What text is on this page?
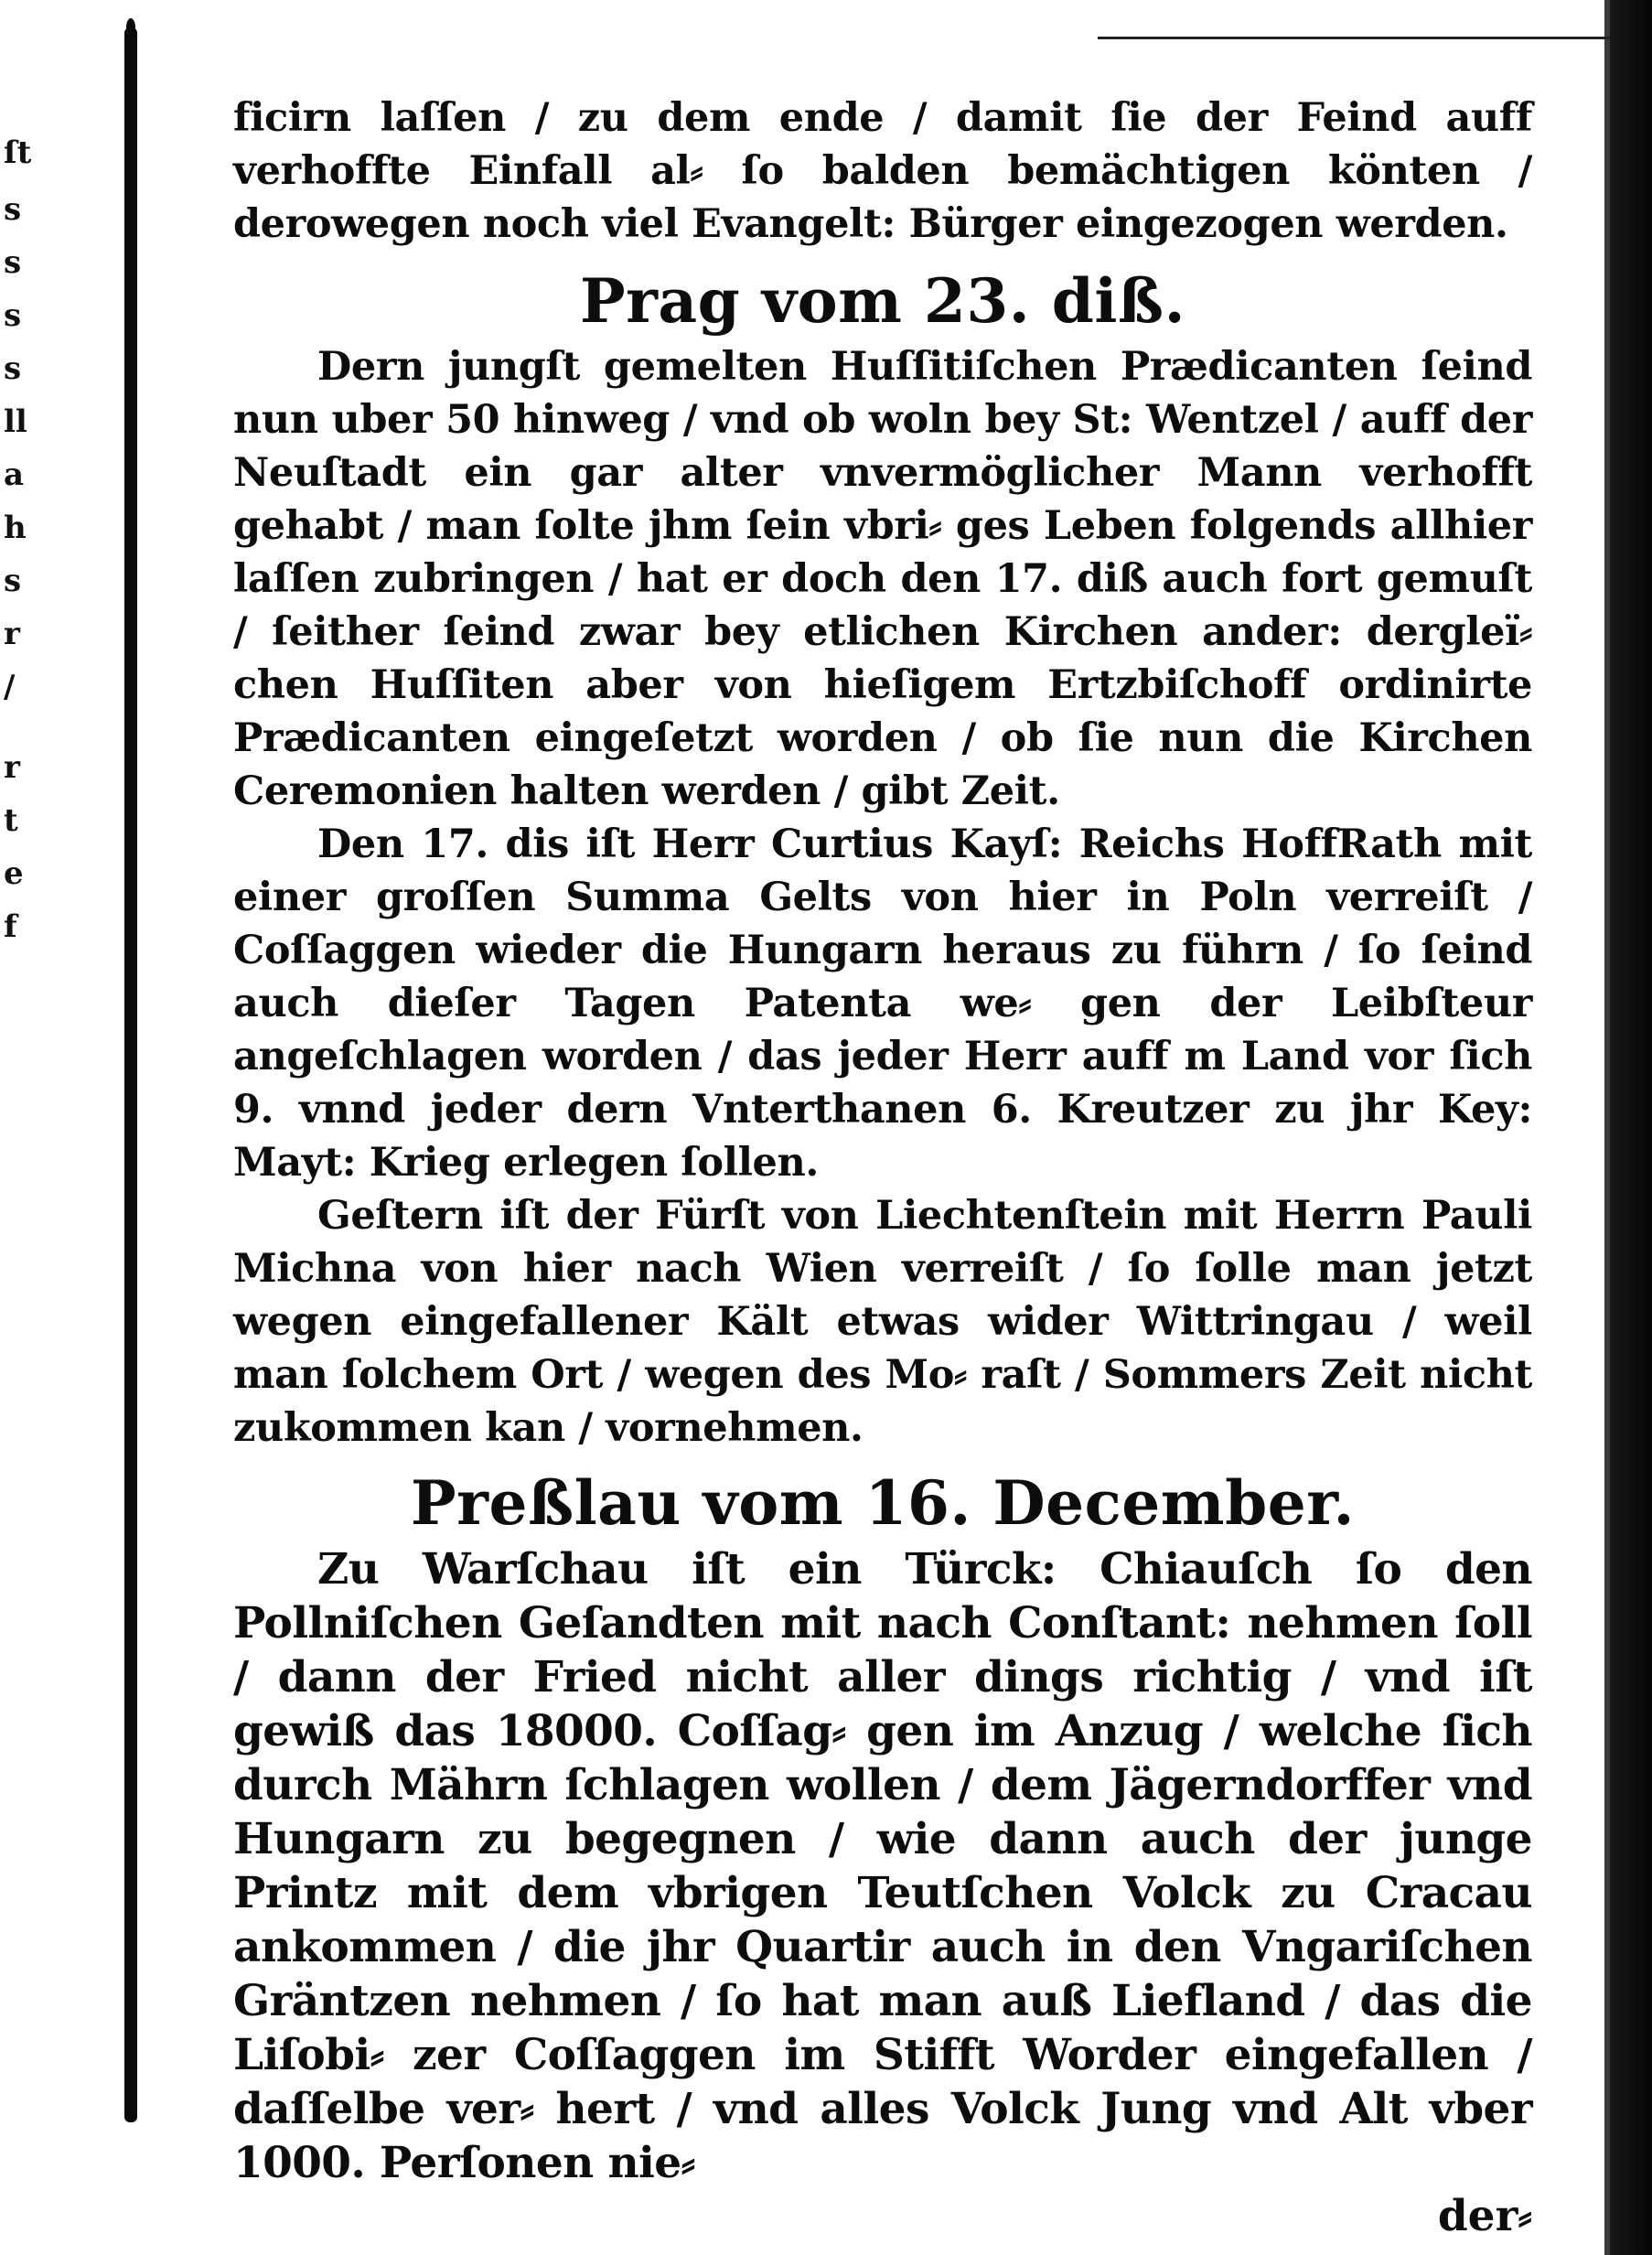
ſt
s
s
s
s
ll
a
h
s
r
/
r
t
e
f

ficirn laſſen / zu dem ende / damit ſie der Feind auff verhoffte Einfall al⸗ ſo balden bemächtigen könten / derowegen noch viel Evangelt: Bürger eingezogen werden.

Prag vom 23. diß.

Dern jungſt gemelten Huſſitiſchen Prædicanten ſeind nun uber 50 hinweg / vnd ob woln bey St: Wentzel / auff der Neuſtadt ein gar alter vnvermöglicher Mann verhofft gehabt / man ſolte jhm ſein vbri⸗ ges Leben folgends allhier laſſen zubringen / hat er doch den 17. diß auch fort gemuſt / ſeither ſeind zwar bey etlichen Kirchen ander: dergleï⸗ chen Huſſiten aber von hieſigem Ertzbiſchoff ordinirte Prædicanten eingeſetzt worden / ob ſie nun die Kirchen Ceremonien halten werden / gibt Zeit.

Den 17. dis iſt Herr Curtius Kayſ: Reichs HoffRath mit einer groſſen Summa Gelts von hier in Poln verreiſt / Coſſaggen wieder die Hungarn heraus zu führn / ſo ſeind auch dieſer Tagen Patenta we⸗ gen der Leibſteur angeſchlagen worden / das jeder Herr auff m Land vor ſich 9. vnnd jeder dern Vnterthanen 6. Kreutzer zu jhr Key: Mayt: Krieg erlegen ſollen.

Geſtern iſt der Fürſt von Liechtenſtein mit Herrn Pauli Michna von hier nach Wien verreiſt / ſo ſolle man jetzt wegen eingefallener Kält etwas wider Wittringau / weil man ſolchem Ort / wegen des Mo⸗ raſt / Sommers Zeit nicht zukommen kan / vornehmen.

Preßlau vom 16. December.

Zu Warſchau iſt ein Türck: Chiauſch ſo den Pollniſchen Geſandten mit nach Conſtant: nehmen ſoll / dann der Fried nicht aller dings richtig / vnd iſt gewiß das 18000. Coſſag⸗ gen im Anzug / welche ſich durch Mährn ſchlagen wollen / dem Jägerndorffer vnd Hungarn zu begegnen / wie dann auch der junge Printz mit dem vbrigen Teutſchen Volck zu Cracau ankommen / die jhr Quartir auch in den Vngariſchen Gräntzen nehmen / ſo hat man auß Liefland / das die Liſobi⸗ zer Coſſaggen im Stifft Worder eingefallen / daſſelbe ver⸗ hert / vnd alles Volck Jung vnd Alt vber 1000. Perſonen nie⸗

der⸗
